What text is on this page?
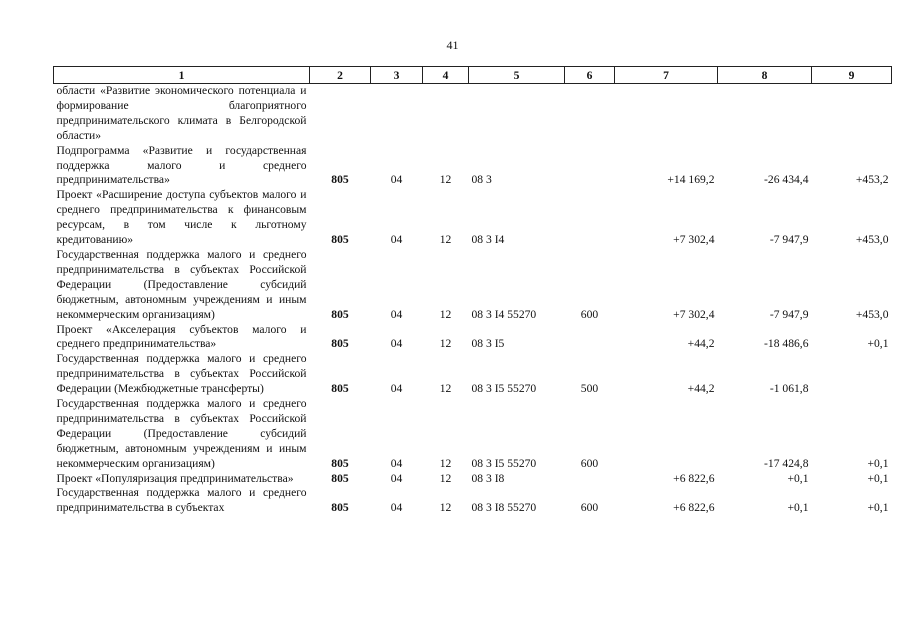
41
1	2	3	4	5	6	7	8	9
области «Развитие экономического потенциала и формирование благоприятного предпринимательского климата в Белгородской области»								
Подпрограмма «Развитие и государственная поддержка малого и среднего предпринимательства»	805	04	12	08 3		+14 169,2	-26 434,4	+453,2
Проект «Расширение доступа субъектов малого и среднего предпринимательства к финансовым ресурсам, в том числе к льготному кредитованию»	805	04	12	08 3 I4		+7 302,4	-7 947,9	+453,0
Государственная поддержка малого и среднего предпринимательства в субъектах Российской Федерации (Предоставление субсидий бюджетным, автономным учреждениям и иным некоммерческим организациям)	805	04	12	08 3 I4 55270	600	+7 302,4	-7 947,9	+453,0
Проект «Акселерация субъектов малого и среднего предпринимательства»	805	04	12	08 3 I5		+44,2	-18 486,6	+0,1
Государственная поддержка малого и среднего предпринимательства в субъектах Российской Федерации (Межбюджетные трансферты)	805	04	12	08 3 I5 55270	500	+44,2	-1 061,8	
Государственная поддержка малого и среднего предпринимательства в субъектах Российской Федерации (Предоставление субсидий бюджетным, автономным учреждениям и иным некоммерческим организациям)	805	04	12	08 3 I5 55270	600		-17 424,8	+0,1
Проект «Популяризация предпринимательства»	805	04	12	08 3 I8		+6 822,6	+0,1	+0,1
Государственная поддержка малого и среднего предпринимательства в субъектах	805	04	12	08 3 I8 55270	600	+6 822,6	+0,1	+0,1
